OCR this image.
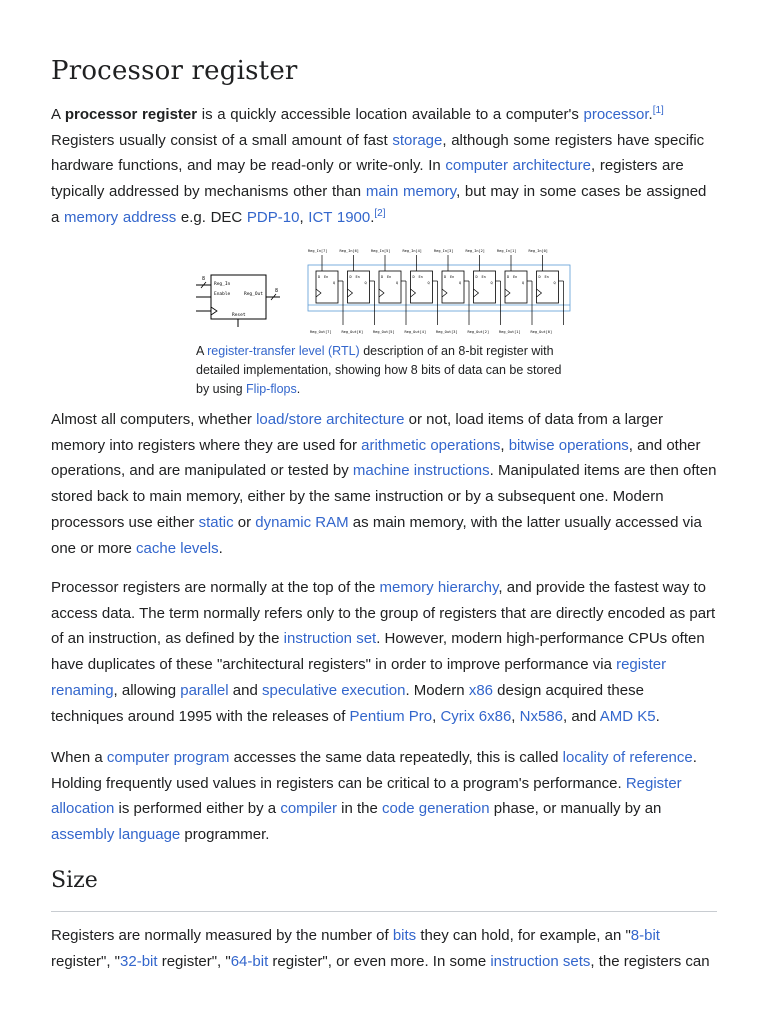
Processor register

A processor register is a quickly accessible location available to a computer's processor.[1] Registers usually consist of a small amount of fast storage, although some registers have specific hardware functions, and may be read-only or write-only. In computer architecture, registers are typically addressed by mechanisms other than main memory, but may in some cases be assigned a memory address e.g. DEC PDP-10, ICT 1900.[2]

8
8
Reg_In
Enable	Reg_Out
Reset
Reg_In[7]
Reg_Out[7]
D En
Q
Reg_In[6]
Reg_Out[6]
D En
Q
Reg_In[5]
Reg_Out[5]
D En
Q
Reg_In[4]
Reg_Out[4]
D En
Q
Reg_In[3]
Reg_Out[3]
D En
Q
Reg_In[2]
Reg_Out[2]
D En
Q
Reg_In[1]
Reg_Out[1]
D En
Q
Reg_In[0]
Reg_Out[0]
D En
Q
A register-transfer level (RTL) description of an 8-bit register with detailed implementation, showing how 8 bits of data can be stored by using Flip-flops.

Almost all computers, whether load/store architecture or not, load items of data from a larger memory into registers where they are used for arithmetic operations, bitwise operations, and other operations, and are manipulated or tested by machine instructions. Manipulated items are then often stored back to main memory, either by the same instruction or by a subsequent one. Modern processors use either static or dynamic RAM as main memory, with the latter usually accessed via one or more cache levels.

Processor registers are normally at the top of the memory hierarchy, and provide the fastest way to access data. The term normally refers only to the group of registers that are directly encoded as part of an instruction, as defined by the instruction set. However, modern high-performance CPUs often have duplicates of these "architectural registers" in order to improve performance via register renaming, allowing parallel and speculative execution. Modern x86 design acquired these techniques around 1995 with the releases of Pentium Pro, Cyrix 6x86, Nx586, and AMD K5.

When a computer program accesses the same data repeatedly, this is called locality of reference. Holding frequently used values in registers can be critical to a program's performance. Register allocation is performed either by a compiler in the code generation phase, or manually by an assembly language programmer.

Size

Registers are normally measured by the number of bits they can hold, for example, an "8-bit register", "32-bit register", "64-bit register", or even more. In some instruction sets, the registers can
